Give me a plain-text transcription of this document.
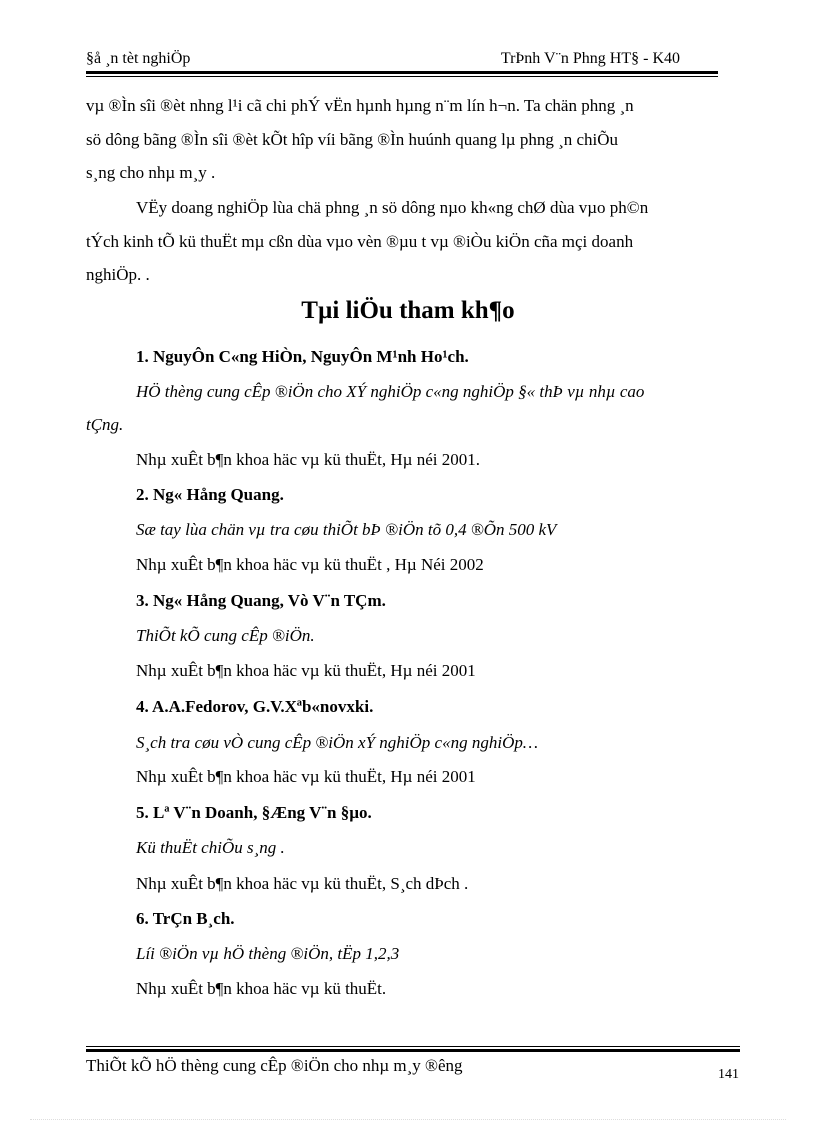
§å ¸n tèt nghiÖp	TrÞnh V¨n Phng HT§ - K40
vµ ®Ìn sîi ®èt nhng l¹i cã chi phÝ vËn hµnh hµng n¨m lín h¬n. Ta chän phng ¸n
sö dông bãng ®Ìn sîi ®èt kÕt hîp víi bãng ®Ìn huúnh quang lµ phng ¸n chiÕu
s¸ng cho nhµ m¸y .
VËy doang nghiÖp lùa chä phng ¸n sö dông nµo kh«ng chØ dùa vµo ph©n
tÝch kinh tÕ kü thuËt mµ cßn dùa vµo vèn ®µu t vµ ®iÒu kiÖn cña mçi doanh
nghiÖp. .
Tµi liÖu tham kh¶o
1. NguyÔn C«ng HiÒn, NguyÔn M¹nh Ho¹ch.
HÖ thèng cung cÊp ®iÖn cho XÝ nghiÖp c«ng nghiÖp §« thÞ vµ nhµ cao
tÇng.
Nhµ xuÊt b¶n khoa häc vµ kü thuËt, Hµ néi 2001.
2. Ng« Hång Quang.
Sæ tay lùa chän vµ tra cøu thiÕt bÞ ®iÖn tõ 0,4 ®Õn 500 kV
Nhµ xuÊt b¶n khoa häc vµ kü thuËt , Hµ Néi 2002
3. Ng« Hång Quang, Vò V¨n TÇm.
ThiÕt kÕ cung cÊp ®iÖn.
Nhµ xuÊt b¶n khoa häc vµ kü thuËt, Hµ néi 2001
4. A.A.Fedorov, G.V.Xªb«novxki.
S¸ch tra cøu vÒ cung cÊp ®iÖn xÝ nghiÖp c«ng nghiÖp…
Nhµ xuÊt b¶n khoa häc vµ kü thuËt, Hµ néi 2001
5. Lª V¨n Doanh, §Æng V¨n §µo.
Kü thuËt chiÕu s¸ng .
Nhµ xuÊt b¶n khoa häc vµ kü thuËt, S¸ch dÞch .
6. TrÇn B¸ch.
Líi ®iÖn vµ hÖ thèng ®iÖn, tËp 1,2,3
Nhµ xuÊt b¶n khoa häc vµ kü thuËt.
ThiÕt kÕ hÖ thèng cung cÊp ®iÖn cho nhµ m¸y ®êng	141
